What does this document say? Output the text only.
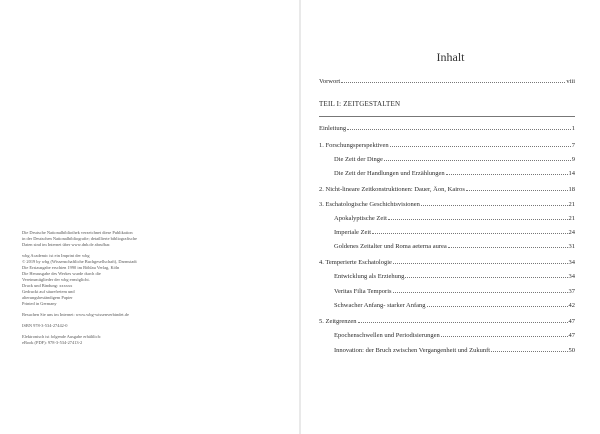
Die Deutsche Nationalbibliothek verzeichnet diese Publikation
in der Deutschen Nationalbibliografie; detaillierte bibliografische
Daten sind im Internet über www.dnb.de abrufbar.

wbg Academic ist ein Imprint der wbg
© 2019 by wbg (Wissenschaftliche Buchgesellschaft), Darmstadt
Die Erstausgabe erschien 1990 im Böhlau Verlag, Köln
Die Herausgabe des Werkes wurde durch die
Vereinsmitglieder der wbg ermöglicht.
Druck und Bindung: xxxxxx
Gedruckt auf säurefreiem und
alterungsbeständigem Papier
Printed in Germany

Besuchen Sie uns im Internet: www.wbg-wissenverbindet.de

ISBN 978-3-534-27442-0

Elektronisch ist folgende Ausgabe erhältlich:
eBook (PDF): 978-3-534-27413-2

Inhalt
Vorwort	viii
TEIL I: ZEITGESTALTEN
Einleitung	1
1. Forschungsperspektiven	7
Die Zeit der Dinge	9
Die Zeit der Handlungen und Erzählungen	14
2. Nicht-lineare Zeitkonstruktionen: Dauer, Äon, Kairos	18
3. Eschatologische Geschichtsvisionen	21
Apokalyptische Zeit	21
Imperiale Zeit	24
Goldenes Zeitalter und Roma aeterna aurea	31
4. Temperierte Eschatologie	34
Entwicklung als Erziehung	34
Veritas Filia Temporis	37
Schwacher Anfang- starker Anfang	42
5. Zeitgrenzen	47
Epochenschwellen und Periodisierungen	47
Innovation: der Bruch zwischen Vergangenheit und Zukunft	50
